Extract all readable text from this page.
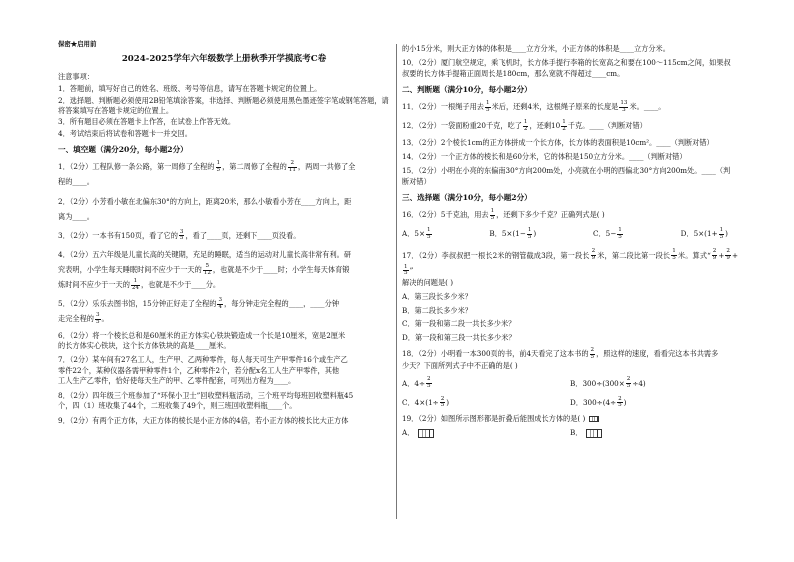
保密★启用前
2024-2025学年六年级数学上册秋季开学摸底考C卷
注意事项：
1．答题前，填写好自己的姓名、班级、考号等信息，请写在答题卡规定的位置上。
2．选择题、判断题必须使用2B铅笔填涂答案，非选择、判断题必须使用黑色墨迹签字笔或钢笔答题，请将答案填写在答题卡规定的位置上。
3．所有题目必须在答题卡上作答，在试卷上作答无效。
4．考试结束后将试卷和答题卡一并交回。
一、填空题（满分20分，每小题2分）
1．（2分）工程队修一条公路，第一周修了全程的 $\frac{1}{5}$ ，第二周修了全程的 $\frac{2}{11}$ ，两周一共修了全
程的____。
2．（2分）小芳看小敏在北偏东30°的方向上，距离20米，那么小敏看小芳在____方向上，距
离为____。
3．（2分）一本书有150页，看了它的 $\frac{3}{5}$ ，看了____页，还剩下____页没看。
4．（2分）五六年级是儿童长高的关键期，充足的睡眠，适当的运动对儿童长高非常有利。研
究表明，小学生每天睡眠时间不应少于一天的 $\frac{5}{12}$ ，也就是不少于____时；小学生每天体育锻
炼时间不应少于一天的 $\frac{1}{24}$ ，也就是不少于____分。
5．（2分）乐乐去图书馆，15分钟正好走了全程的 $\frac{3}{4}$ ，每分钟走完全程的____，____分钟
走完全程的 $\frac{3}{5}$ 。
6．（2分）将一个棱长总和是60厘米的正方体实心铁块锻造成一个长是10厘米，宽是2厘米
的长方体实心铁块，这个长方体铁块的高是____厘米。
7．（2分）某车间有27名工人，生产甲、乙两种零件，每人每天可生产甲零件16个或生产乙
零件22个，某种仪器各需甲种零件1个，乙种零件2个，若分配x名工人生产甲零件，其他
工人生产乙零件，恰好使每天生产的甲、乙零件配套，可列出方程为____。
8．（2分）四年级三个班参加了“环保小卫士”回收塑料瓶活动，三个班平均每班回收塑料瓶45
个，四（1）班收集了44个，二班收集了49个，则三班回收塑料瓶____个。
9．（2分）有两个正方体，大正方体的棱长是小正方体的4倍，若小正方体的棱长比大正方体
的小15分米，则大正方体的体积是____立方分米，小正方体的体积是____立方分米。
10．（2分）厦门航空规定，乘飞机时，长方体手提行李箱的长宽高之和要在100～115cm之间，如果叔
叔要的长方体手提箱正面周长是180cm，那么宽就不得超过____cm。
二、判断题（满分10分，每小题2分）
11．（2分）一根绳子用去 $\frac{1}{5}$ 米后，还剩4米，这根绳子原来的长度是 $\frac{13}{3}$ 米。____。
12．（2分）一袋面粉重20千克，吃了 $\frac{1}{2}$ ，还剩$10 \frac{1}{2}$ 千克。____（判断对错）
13．（2分）2个棱长1cm的正方体拼成一个长方体，长方体的表面积是10cm²。____（判断对错）
14．（2分）一个正方体的棱长和是60分米，它的体积是150立方分米。____（判断对错）
15．（2分）小明在小亮的东偏南30°方向200m处，小亮就在小明的西偏北30°方向200m处。____（判
断对错）
三、选择题（满分10分，每小题2分）
16．（2分）5千克油，用去 $\frac{1}{5}$ ，还剩下多少千克？正确列式是( )
A．$5\times \frac{1}{5}$	B．$5\times(1- \frac{1}{5}$ )	C．$5- \frac{1}{5}$	D．$5\times(1+ \frac{1}{5}$ )
17．（2分）李叔叔把一根长2米的钢管截成3段，第一段长 $\frac{2}{9}$ 米，第二段比第一段长 $\frac{1}{5}$ 米。算式“ $\frac{2}{9} + \frac{2}{9}$ +
$\frac{1}{5}$ ”
解决的问题是( )
A．第三段长多少米？
B．第二段长多少米？
C．第一段和第二段一共长多少米？
D．第一段和第三段一共长多少米？
18．（2分）小明看一本300页的书，前4天看完了这本书的 $\frac{2}{5}$ ，照这样的速度，看看完这本书共需多
少天？下面所列式子中不正确的是( )
A．$4\div \frac{2}{5}$	B．$300\div(300\times \frac{2}{5} \div 4)$
C．$4\times(1\div \frac{2}{5}$ )	D．$300\div(4\div \frac{2}{5}$ )
19．（2分）如图所示图形都是折叠后能围成长方体的是( )
A．	B．
